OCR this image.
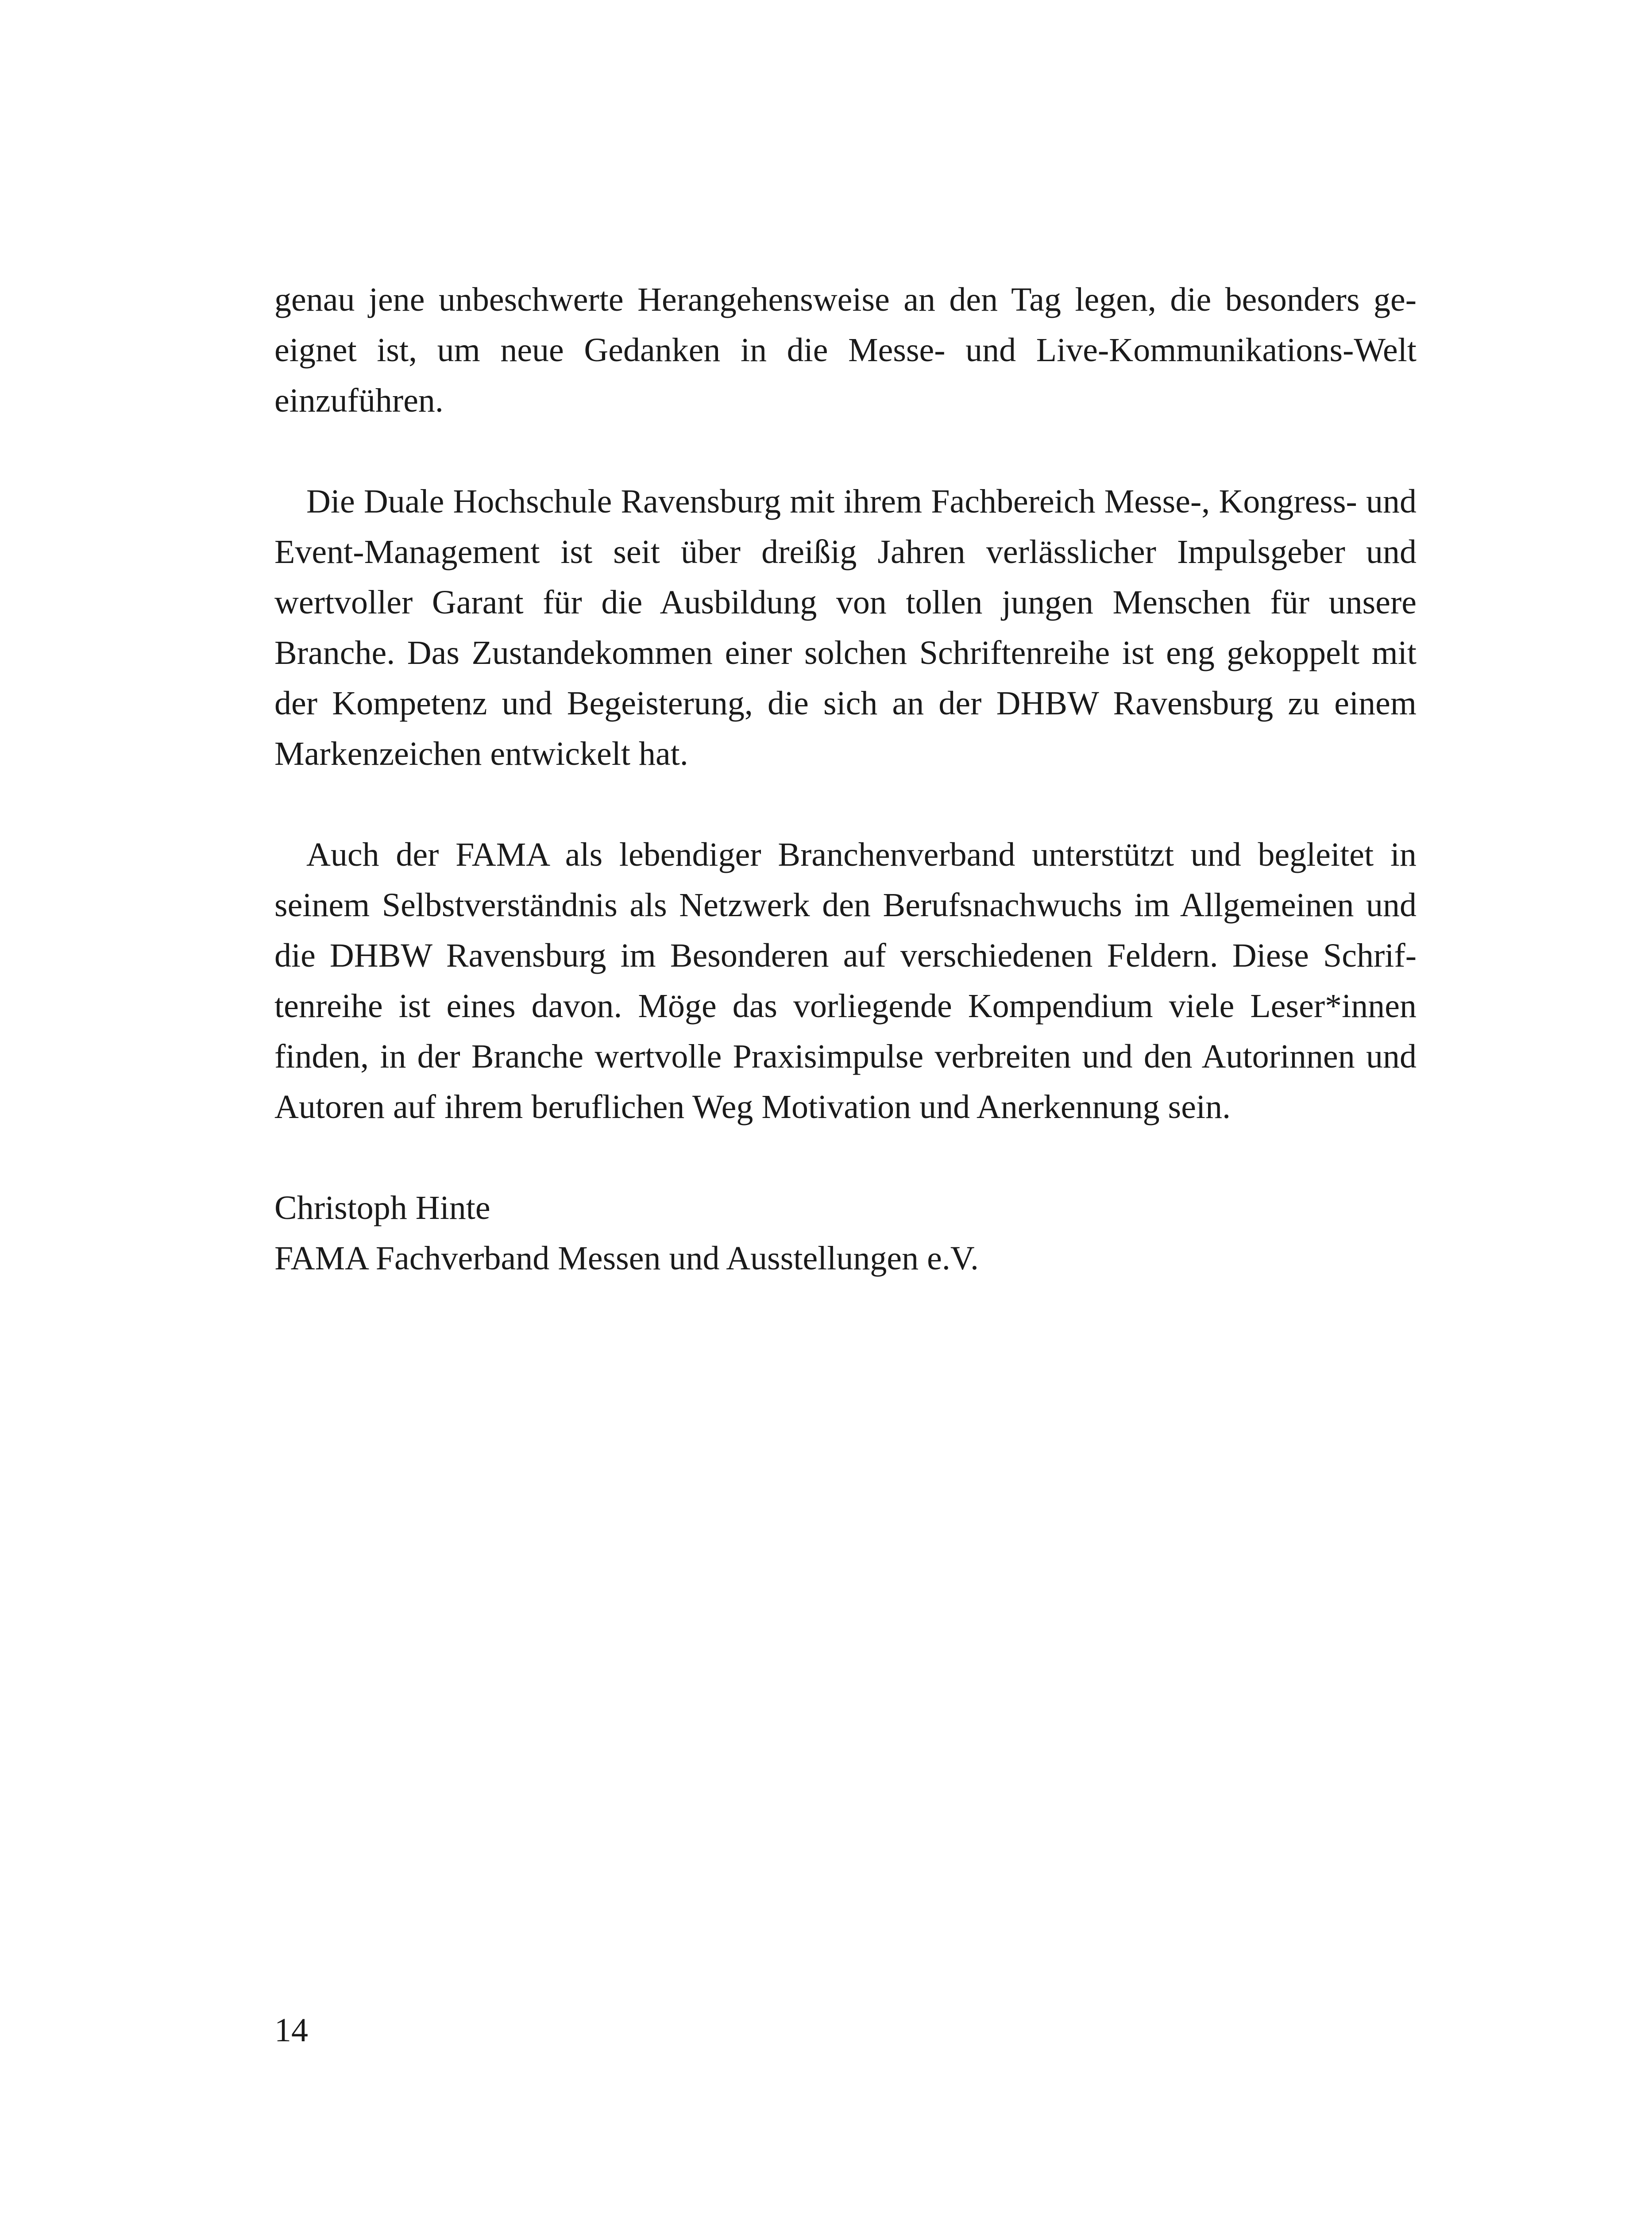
genau jene unbeschwerte Herangehensweise an den Tag legen, die besonders geeignet ist, um neue Gedanken in die Messe- und Live-Kommunikations-Welt einzuführen.

Die Duale Hochschule Ravensburg mit ihrem Fachbereich Messe-, Kongress- und Event-Management ist seit über dreißig Jahren verlässlicher Impulsgeber und wertvoller Garant für die Ausbildung von tollen jungen Menschen für unsere Branche. Das Zustandekommen einer solchen Schriftenreihe ist eng gekoppelt mit der Kompetenz und Begeisterung, die sich an der DHBW Ravensburg zu einem Markenzeichen entwickelt hat.

Auch der FAMA als lebendiger Branchenverband unterstützt und begleitet in seinem Selbstverständnis als Netzwerk den Berufsnachwuchs im Allgemeinen und die DHBW Ravensburg im Besonderen auf verschiedenen Feldern. Diese Schriftenreihe ist eines davon. Möge das vorliegende Kompendium viele Leser*innen finden, in der Branche wertvolle Praxisimpulse verbreiten und den Autorinnen und Autoren auf ihrem beruflichen Weg Motivation und Anerkennung sein.

Christoph Hinte
FAMA Fachverband Messen und Ausstellungen e.V.
14
